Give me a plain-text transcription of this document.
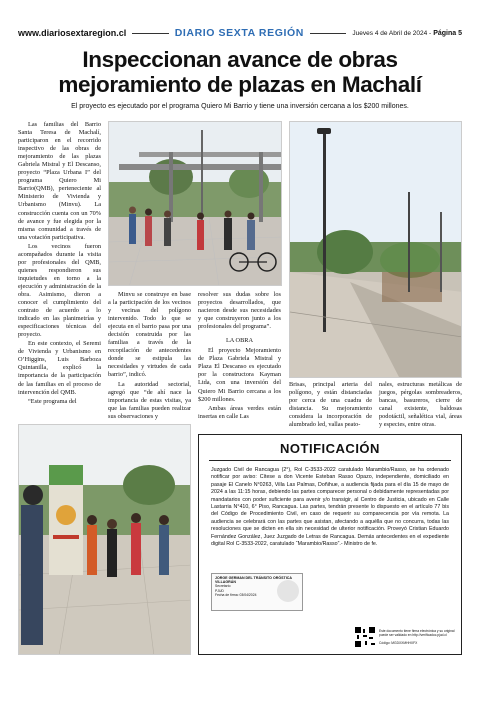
www.diariosextaregion.cl	DIARIO SEXTA REGIÓN	Jueves 4 de Abril de 2024 - Página 5
Inspeccionan avance de obras mejoramiento de plazas en Machalí
El proyecto es ejecutado por el programa Quiero Mi Barrio y tiene una inversión cercana a los $200 millones.

Las familias del Barrio Santa Teresa de Machalí, participaron en el recorrido inspectivo de las obras de mejoramiento de las plazas Gabriela Mistral y El Descanso, proyecto “Plaza Urbana I” del programa Quiero Mi Barrio(QMB), perteneciente al Ministerio de Vivienda y Urbanismo (Minvu). La construcción cuenta con un 70% de avance y fue elegida por la misma comunidad a través de una votación participativa.

Los vecinos fueron acompañados durante la visita por profesionales del QMB, quienes respondieron sus inquietudes en torno a la ejecución y administración de la obra. Asimismo, dieron a conocer el cumplimiento del contrato de acuerdo a lo indicado en las planimetrías y especificaciones técnicas del proyecto.

En este contexto, el Seremi de Vivienda y Urbanismo en O’Higgins, Luis Barboza Quintanilla, explicó la importancia de la participación de las familias en el proceso de intervención del QMB.

“Este programa del

Minvu se construye en base a la participación de los vecinos y vecinas del polígono intervenido. Todo lo que se ejecuta en el barrio pasa por una decisión construida por las familias a través de la recopilación de antecedentes donde se estipula las necesidades y virtudes de cada barrio”, indicó.

La autoridad sectorial, agregó que “de ahí nace la importancia de estas visitas, ya que las familias pueden realizar sus observaciones y

resolver sus dudas sobre los proyectos desarrollados, que nacieron desde sus necesidades y que construyeron junto a los profesionales del programa”.

LA OBRA

El proyecto Mejoramiento de Plaza Gabriela Mistral y Plaza El Descanso es ejecutado por la constructora Kayman Ltda, con una inversión del Quiero Mi Barrio cercana a los $200 millones.

Ambas áreas verdes están insertas en calle Las

Brisas, principal arteria del polígono, y están distanciadas por cerca de una cuadra de distancia. Su mejoramiento considera la incorporación de alumbrado led, vallas peato-

nales, estructuras metálicas de juegos, pérgolas sombreaderos, bancas, basureros, cierre de canal existente, baldosas podotáctil, señalética vial, áreas y especies, entre otras.

NOTIFICACIÓN
Juzgado Civil de Rancagua (2°), Rol C-3533-2022 caratulado Marambio/Rasso, se ha ordenado notificar por aviso: Cítese a don Vicente Esteban Rasso Opazo, independiente, domiciliado en pasaje El Canelo N°0263, Villa Las Palmas, Doñihue, a audiencia fijada para el día 15 de mayo de 2024 a las 11:15 horas, debiendo las partes comparecer personal o debidamente representadas por mandatarios con poder suficiente para avenir y/o transigir, al Centro de Justicia, ubicado en Calle Lastarria N°410, 6° Piso, Rancagua. Las partes, tendrán presente lo dispuesto en el artículo 77 bis del Código de Procedimiento Civil, en caso de requerir su comparecencia por vía remota. La audiencia se celebrará con las partes que asistan, afectando a aquélla que no concurra, todas las resoluciones que se dicten en ella sin necesidad de ulterior notificación. Proveyó Cristian Eduardo Fernández González, Juez Juzgado de Letras de Rancagua. Demás antecedentes en el expediente digital Rol C-3533-2022, caratulado “Marambio/Rasso”.- Ministro de fe.
JORGE GERMAN DEL TRÁNSITO ORÓSTICA VILLAGRÁN
Secretario
PJUD
Fecha de firma: 03/04/2024
Este documento tiene firma electrónica y su original puede ser validado en http://verificadoc.pjud.cl
Código: MGDXXMHHXFX
